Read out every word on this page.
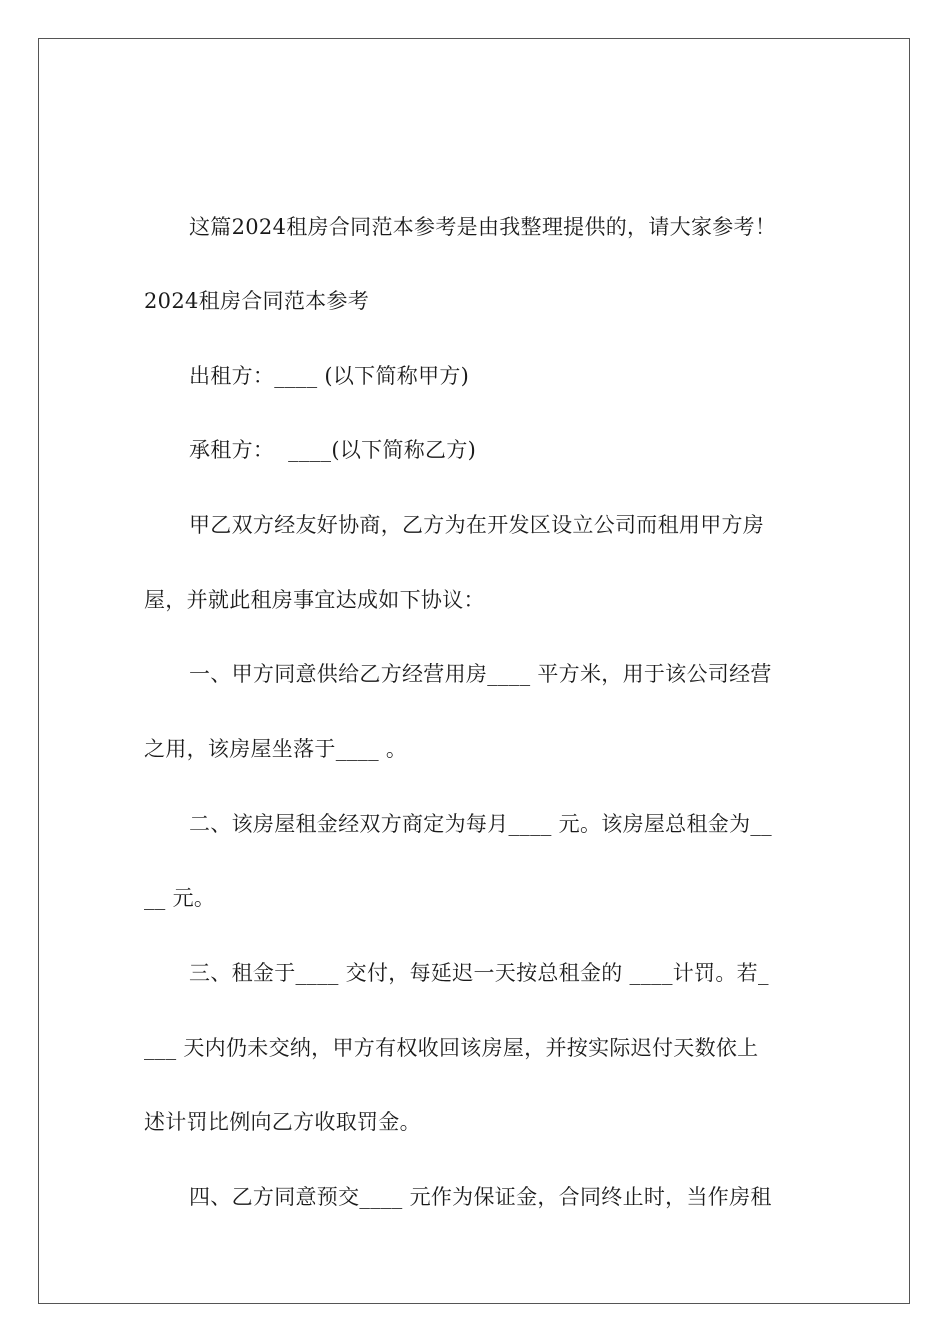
这篇2024租房合同范本参考是由我整理提供的，请大家参考！
2024租房合同范本参考
出租方：____ (以下简称甲方)
承租方：  ____(以下简称乙方)
甲乙双方经友好协商，乙方为在开发区设立公司而租用甲方房
屋，并就此租房事宜达成如下协议：
一、甲方同意供给乙方经营用房____ 平方米，用于该公司经营
之用，该房屋坐落于____ 。
二、该房屋租金经双方商定为每月____ 元。该房屋总租金为__
__ 元。
三、租金于____ 交付，每延迟一天按总租金的 ____计罚。若_
___ 天内仍未交纳，甲方有权收回该房屋，并按实际迟付天数依上
述计罚比例向乙方收取罚金。
四、乙方同意预交____ 元作为保证金，合同终止时，当作房租
